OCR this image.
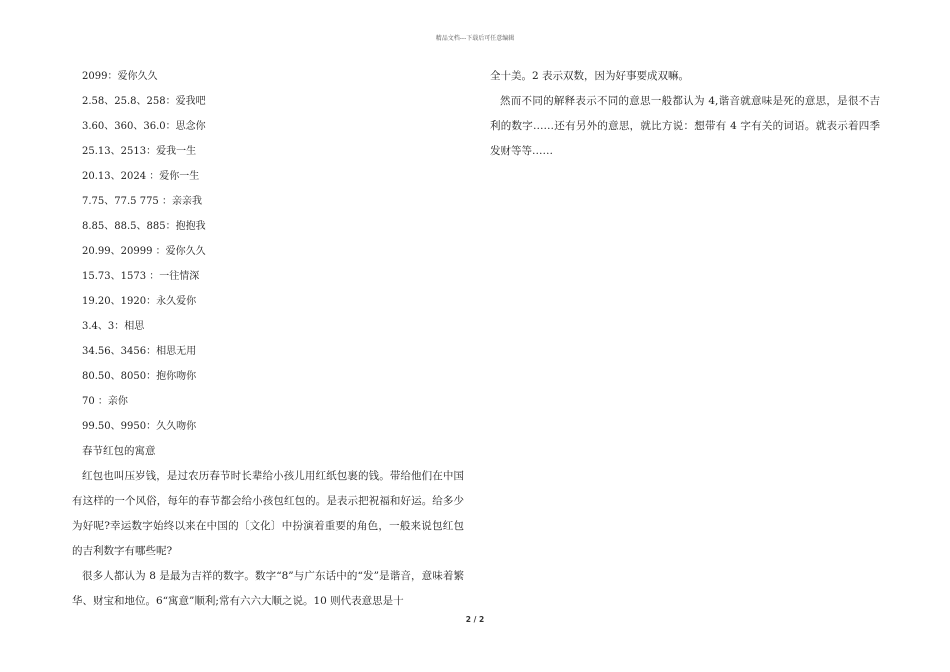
精品文档---下载后可任意编辑
2099：爱你久久
2.58、25.8、258：爱我吧
3.60、360、36.0：思念你
25.13、2513：爱我一生
20.13、2024 ：爱你一生
7.75、77.5 775 ：亲亲我
8.85、88.5、885：抱抱我
20.99、20999 ：爱你久久
15.73、1573 ：一往情深
19.20、1920：永久爱你
3.4、3：相思
34.56、3456：相思无用
80.50、8050：抱你吻你
70 ：亲你
99.50、9950：久久吻你
春节红包的寓意

红包也叫压岁钱，是过农历春节时长辈给小孩儿用红纸包裹的钱。带给他们在中国有这样的一个风俗，每年的春节都会给小孩包红包的。是表示把祝福和好运。给多少为好呢?幸运数字始终以来在中国的〔文化〕中扮演着重要的角色，一般来说包红包的吉利数字有哪些呢?

很多人都认为 8 是最为吉祥的数字。数字“8”与广东话中的“发”是谐音，意味着繁华、财宝和地位。6“寓意”顺利;常有六六大顺之说。10 则代表意思是十

全十美。2 表示双数，因为好事要成双嘛。

然而不同的解释表示不同的意思一般都认为 4,谐音就意味是死的意思，是很不吉利的数字……还有另外的意思，就比方说：想带有 4 字有关的词语。就表示着四季发财等等……

2 / 2
